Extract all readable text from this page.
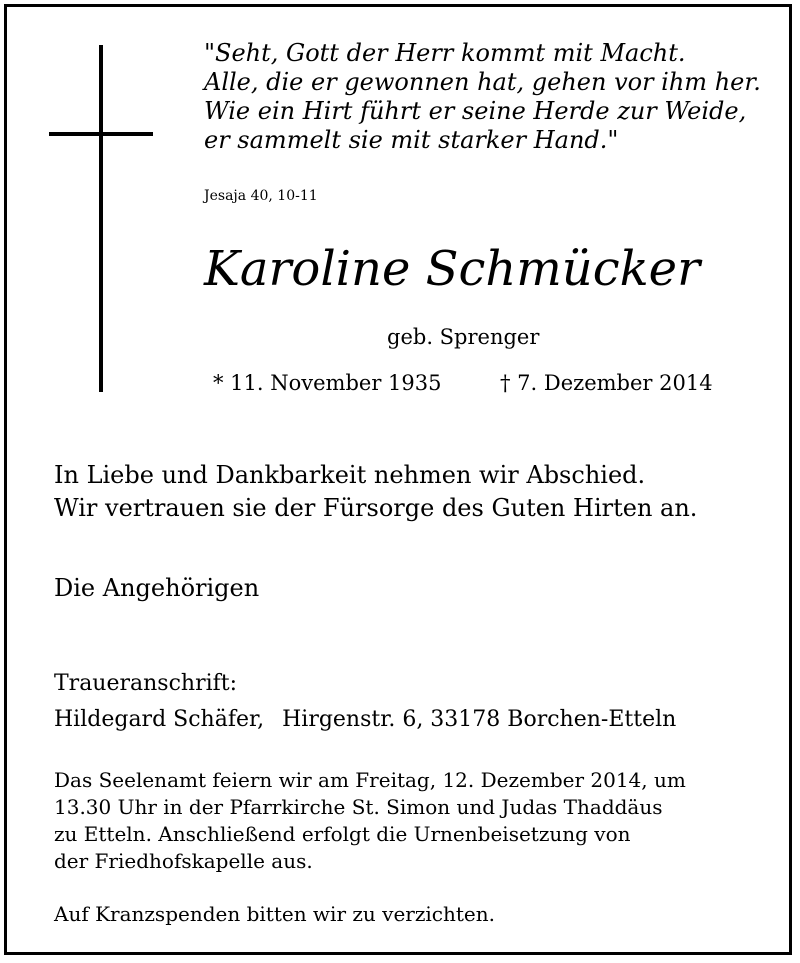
"Seht, Gott der Herr kommt mit Macht.
Alle, die er gewonnen hat, gehen vor ihm her.
Wie ein Hirt führt er seine Herde zur Weide,
er sammelt sie mit starker Hand."
Jesaja 40, 10-11
Karoline Schmücker
geb. Sprenger
* 11. November 1935	† 7. Dezember 2014
In Liebe und Dankbarkeit nehmen wir Abschied.
Wir vertrauen sie der Fürsorge des Guten Hirten an.
Die Angehörigen
Traueranschrift:
Hildegard Schäfer, Hirgenstr. 6, 33178 Borchen-Etteln
Das Seelenamt feiern wir am Freitag, 12. Dezember 2014, um
13.30 Uhr in der Pfarrkirche St. Simon und Judas Thaddäus
zu Etteln. Anschließend erfolgt die Urnenbeisetzung von
der Friedhofskapelle aus.
Auf Kranzspenden bitten wir zu verzichten.
